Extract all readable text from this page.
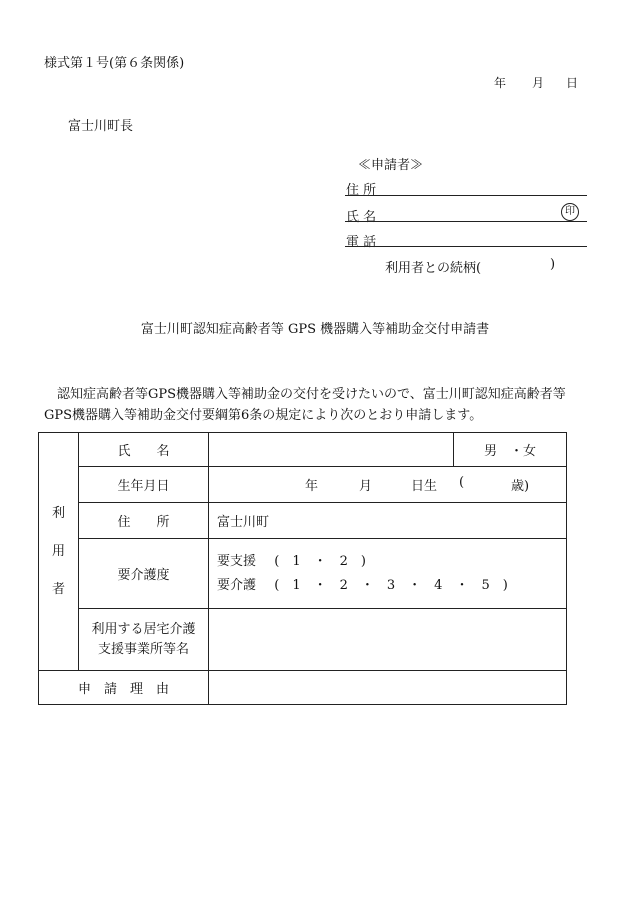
様式第１号(第６条関係)
年 月 日
富士川町長
≪申請者≫
住 所
氏 名	印
電 話
利用者との続柄(	)
富士川町認知症高齢者等 GPS 機器購入等補助金交付申請書
認知症高齢者等GPS機器購入等補助金の交付を受けたいので、富士川町認知症高齢者等GPS機器購入等補助金交付要綱第6条の規定により次のとおり申請します。
利
用
者	氏　　名		男　・女
	生年月日	年 月 日生 ( 歳)	

	住　　所	富士川町	
	要介護度	要支援 (　1　・　2　)
要介護 (　1　・　2　・　3　・　4　・　5　)	

	利用する居宅介護
支援事業所等名		

申　請　理　由			
